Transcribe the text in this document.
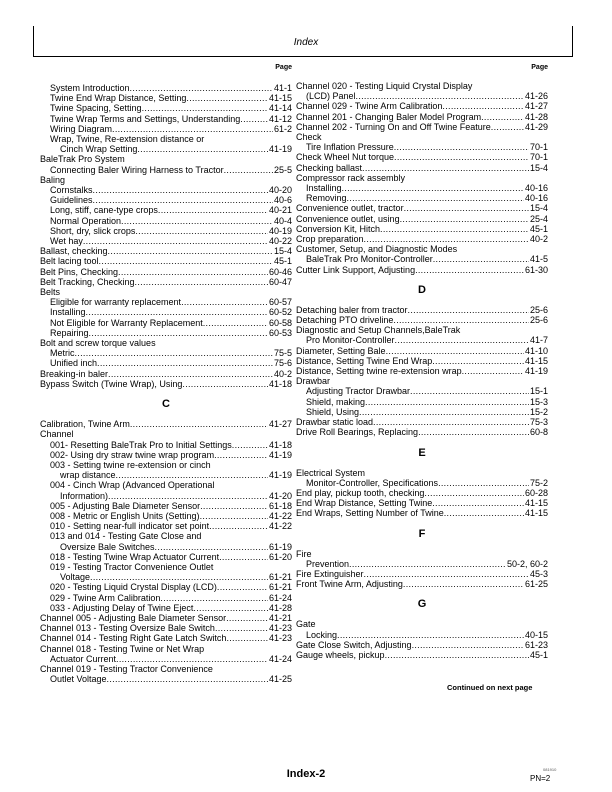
Index
Page
System Introduction .....	41-1
Twine End Wrap Distance, Setting .....	41-15
Twine Spacing, Setting .....	41-14
Twine Wrap Terms and Settings, Understanding .....	41-12
Wiring Diagram .....	61-2
Wrap, Twine, Re-extension distance or
Cinch Wrap Setting .....	41-19
BaleTrak Pro System
Connecting Baler Wiring Harness to Tractor .....	25-5
Baling
Cornstalks .....	40-20
Guidelines .....	40-6
Long, stiff, cane-type crops .....	40-21
Normal Operation .....	40-4
Short, dry, slick crops .....	40-19
Wet hay .....	40-22
Ballast, checking .....	15-4
Belt lacing tool .....	45-1
Belt Pins, Checking .....	60-46
Belt Tracking, Checking .....	60-47
Belts
Eligible for warranty replacement .....	60-57
Installing .....	60-52
Not Eligible for Warranty Replacement .....	60-58
Repairing .....	60-53
Bolt and screw torque values
Metric .....	75-5
Unified inch .....	75-6
Breaking-in baler .....	40-2
Bypass Switch (Twine Wrap), Using .....	41-18
C
Calibration, Twine Arm .....	41-27
Channel
001- Resetting BaleTrak Pro to Initial Settings .....	41-18
002- Using dry straw twine wrap program .....	41-19
003 - Setting twine re-extension or cinch
wrap distance .....	41-19
004 - Cinch Wrap (Advanced Operational
Information) .....	41-20
005 - Adjusting Bale Diameter Sensor .....	61-18
008 - Metric or English Units (Setting) .....	41-22
010 - Setting near-full indicator set point .....	41-22
013 and 014 - Testing Gate Close and
Oversize Bale Switches .....	61-19
018 - Testing Twine Wrap Actuator Current .....	61-20
019 - Testing Tractor Convenience Outlet
Voltage .....	61-21
020 - Testing Liquid Crystal Display (LCD) .....	61-21
029 - Twine Arm Calibration .....	61-24
033 - Adjusting Delay of Twine Eject .....	41-28
Channel 005 - Adjusting Bale Diameter Sensor .....	41-21
Channel 013 - Testing Oversize Bale Switch .....	41-23
Channel 014 - Testing Right Gate Latch Switch .....	41-23
Channel 018 - Testing Twine or Net Wrap
Actuator Current .....	41-24
Channel 019 - Testing Tractor Convenience
Outlet Voltage .....	41-25
Page
Channel 020 - Testing Liquid Crystal Display
(LCD) Panel .....	41-26
Channel 029 - Twine Arm Calibration .....	41-27
Channel 201 - Changing Baler Model Program .....	41-28
Channel 202 - Turning On and Off Twine Feature .....	41-29
Check
Tire Inflation Pressure .....	70-1
Check Wheel Nut torque .....	70-1
Checking ballast .....	15-4
Compressor rack assembly
Installing .....	40-16
Removing .....	40-16
Convenience outlet, tractor .....	15-4
Convenience outlet, using .....	25-4
Conversion Kit, Hitch .....	45-1
Crop preparation .....	40-2
Customer, Setup, and Diagnostic Modes
BaleTrak Pro Monitor-Controller .....	41-5
Cutter Link Support, Adjusting .....	61-30
D
Detaching baler from tractor .....	25-6
Detaching PTO driveline .....	25-6
Diagnostic and Setup Channels,BaleTrak
Pro Monitor-Controller .....	41-7
Diameter, Setting Bale .....	41-10
Distance, Setting Twine End Wrap .....	41-15
Distance, Setting twine re-extension wrap .....	41-19
Drawbar
Adjusting Tractor Drawbar .....	15-1
Shield, making .....	15-3
Shield, Using .....	15-2
Drawbar static load .....	75-3
Drive Roll Bearings, Replacing .....	60-8
E
Electrical System
Monitor-Controller, Specifications .....	75-2
End play, pickup tooth, checking .....	60-28
End Wrap Distance, Setting Twine .....	41-15
End Wraps, Setting Number of Twine .....	41-15
F
Fire
Prevention .....	50-2, 60-2
Fire Extinguisher .....	45-3
Front Twine Arm, Adjusting .....	61-25
G
Gate
Locking .....	40-15
Gate Close Switch, Adjusting .....	61-23
Gauge wheels, pickup .....	45-1
Continued on next page
Index-2	081910
PN=2
